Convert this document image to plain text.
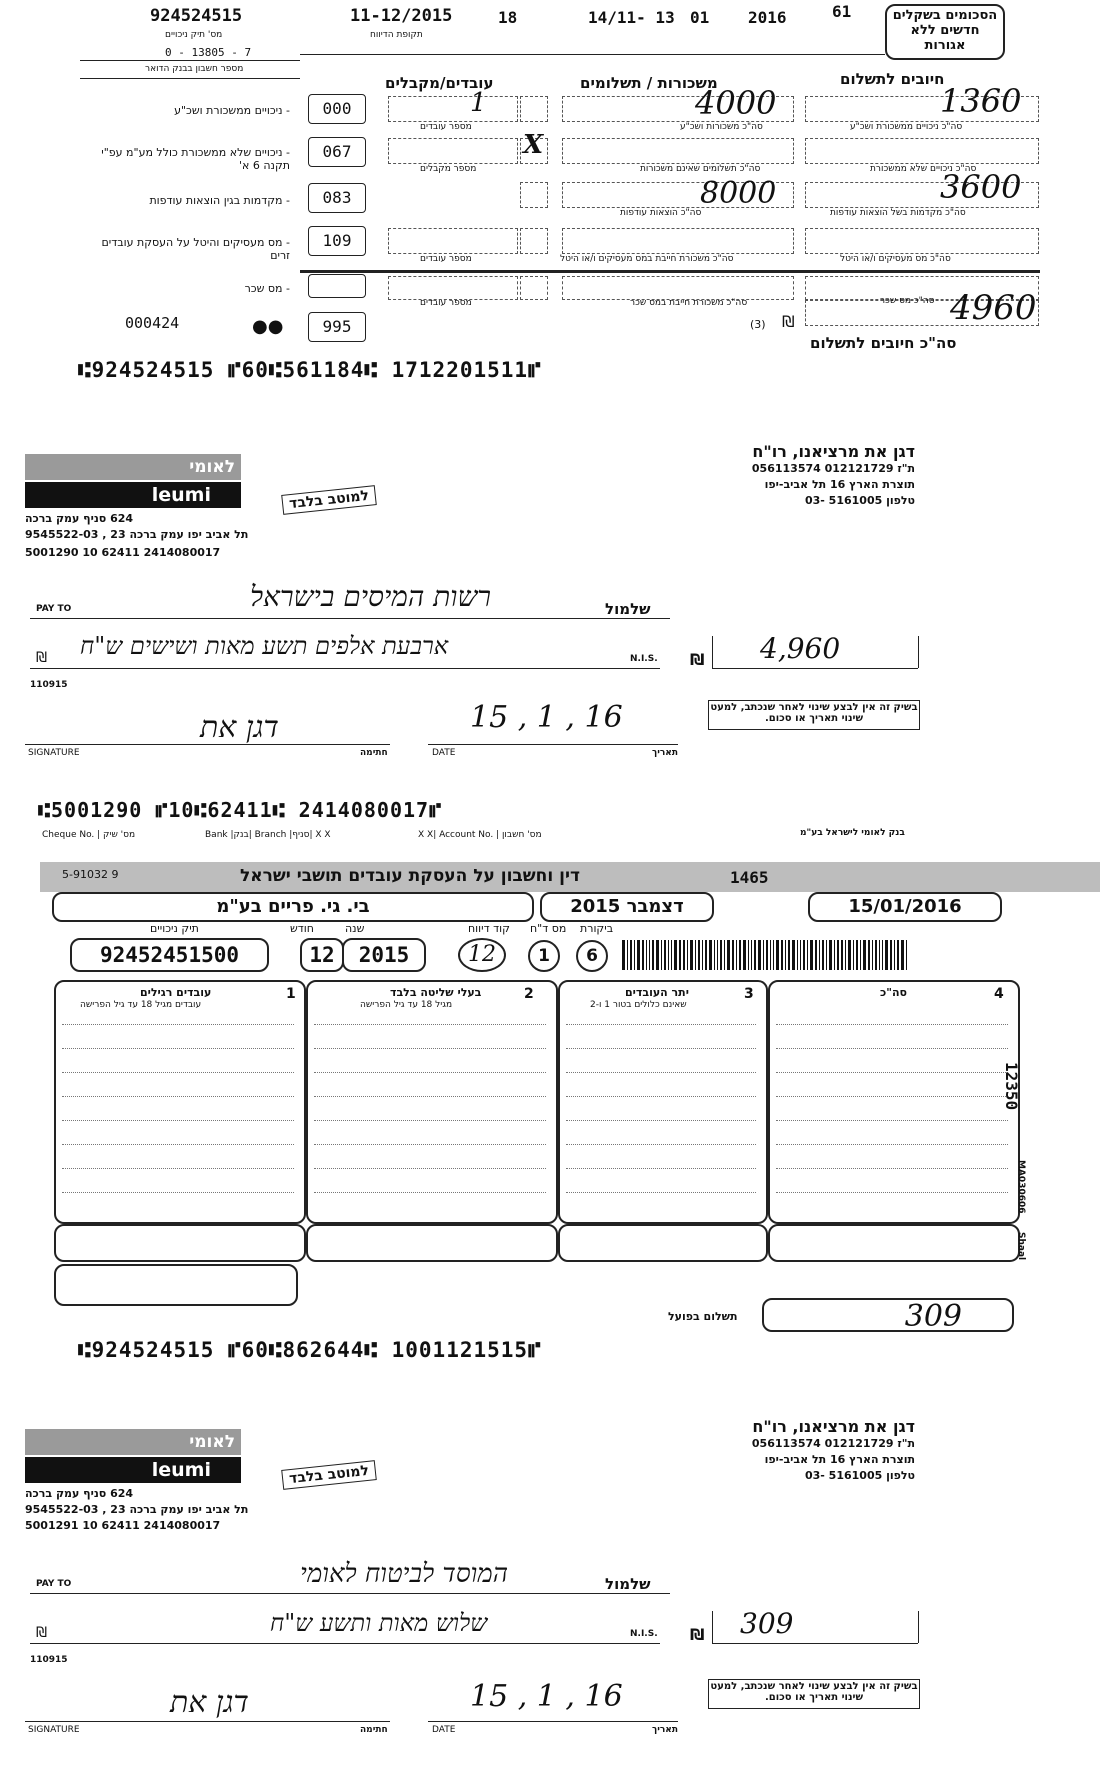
924524515
מס' תיק ניכויים
0 - 13805 - 7
מספר חשבון בבנק הדואר
11-12/2015
תקופת הדיווח
18	14/11- 13 01 2016	61	הסכומים בשקלים חדשים ללא אגורות
חיובים לתשלום
משכורות / תשלומים
עובדים/מקבלים
- ניכויים ממשכורת ושכ"ע	000
- ניכויים שלא ממשכורת כולל מע"מ עפ"י תקנה 6 א'
067
- מקדמות בגין הוצאות עודפות	083
- מס מעסיקים והיטל על העסקת עובדים זרים
109
- מס שכר
סה"כ ניכויים ממשכורת ושכ"ע
סה"כ משכורות ושכ"ע
מספר עובדים
סה"כ ניכויים שלא ממשכורת
סה"כ תשלומים שאינם משכורות
מספר מקבלים
סה"כ מקדמות בשל הוצאות עודפות
סה"כ הוצאות עודפות
סה"כ מס מעסיקים ו/או היטל
סה"כ משכורת חייבת במס מעסיקים ו/או היטל
מספר עובדים
סה"כ מס שכר
סה"כ משכורת חייבת במס שכר
מספר עובדים
1
X
4000
8000
1360
3600
000424	●●	995	(3) ₪	4960
סה"כ חיובים לתשלום
⑆924524515 ⑈60⑆561184⑆ 1712201511⑈
דגן את מרציאנו, רו"ח
ת"ז 012121729 056113574
תוצרת הארץ 16 תל אביב-יפו
טלפון 5161005 -03
לאומי
leumi	למוטב בלבד
624 סניף עמק ברכה
תל אביב יפו עמק ברכה 23 , 9545522-03
5001290 10 62411 2414080017
PAY TO	רשות המיסים בישראל	שלמול
₪ ארבעת אלפים תשע מאות ושישים ש"ח	N.I.S. ₪ 4,960
110915
בשיק זה אין לבצע שינוי לאחר שנכתב, למעט שינוי תאריך או סכום.
דגן את	15 , 1 , 16
SIGNATURE	חתימה	DATE	תאריך
⑆5001290 ⑈10⑆62411⑆ 2414080017⑈
Cheque No. | מס' שיק	Bank |בנק| Branch |סניף| X X	X X| Account No. | מס' חשבון	בנק לאומי לישראל בע"מ
דין וחשבון על העסקת עובדים תושבי ישראל	1465
5-91032 9
בי. גי. פריים בע"מ	דצמבר 2015	15/01/2016
תיק ניכויים	שנה
חודש	קוד דיווח מס ד"ח ביקורת
92452451500	12	2015	12	1	6
עובדים רגילים
עובדים מגיל 18 עד גיל הפרישה
1	בעלי שליטה בלבד
מגיל 18 עד גיל הפרישה
2	יתר העובדים
שאינם כלולים בטור 1 ו-2
3	סה"כ	4
12350
MA030606
Shaal
תשלום בפועל	309
⑆924524515 ⑈60⑆862644⑆ 1001121515⑈
דגן את מרציאנו, רו"ח
ת"ז 012121729 056113574
תוצרת הארץ 16 תל אביב-יפו
טלפון 5161005 -03
לאומי
leumi	למוטב בלבד
624 סניף עמק ברכה
תל אביב יפו עמק ברכה 23 , 9545522-03
5001291 10 62411 2414080017
PAY TO	המוסד לביטוח לאומי	שלמול
₪	שלוש מאות ותשע ש"ח	N.I.S. ₪ 309
110915
בשיק זה אין לבצע שינוי לאחר שנכתב, למעט שינוי תאריך או סכום.
דגן את	15 , 1 , 16
SIGNATURE	חתימה	DATE	תאריך
